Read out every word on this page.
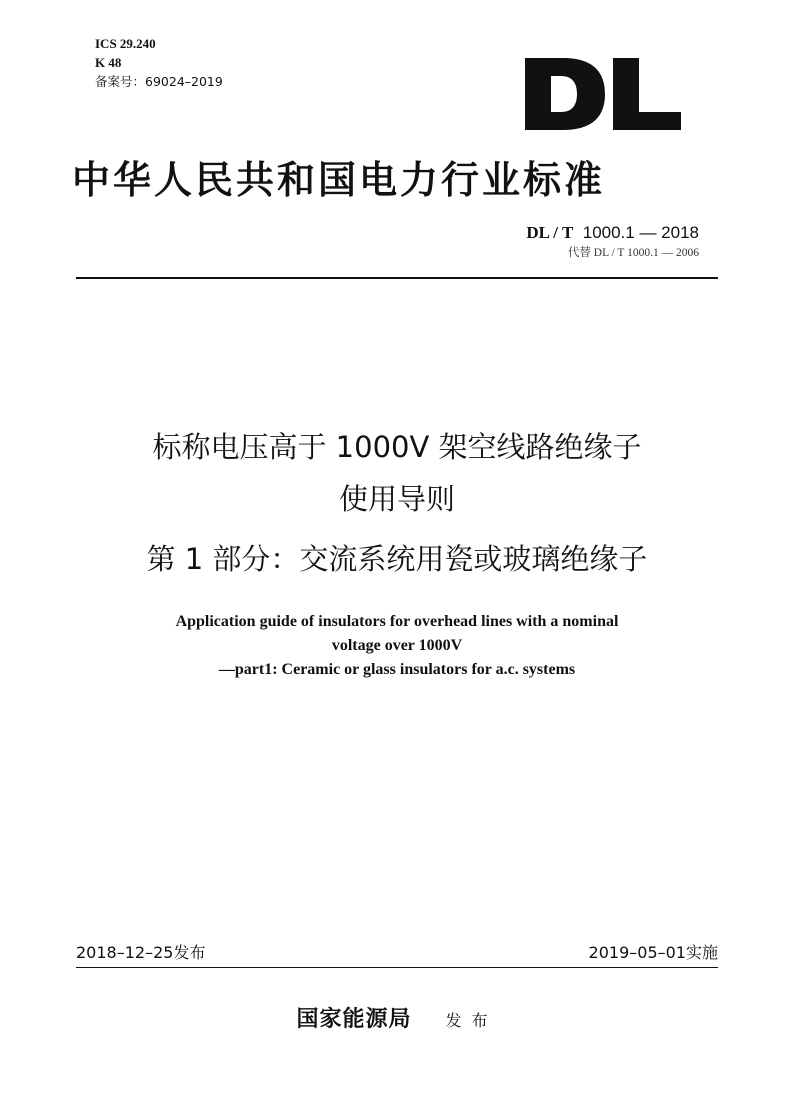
ICS 29.240
K 48
备案号：69024–2019
中华人民共和国电力行业标准
DL / T 1000.1 — 2018
代替 DL / T 1000.1 — 2006
标称电压高于 1000V 架空线路绝缘子
使用导则
第 1 部分：交流系统用瓷或玻璃绝缘子
Application guide of insulators for overhead lines with a nominal
voltage over 1000V
—part1: Ceramic or glass insulators for a.c. systems
2018–12–25发布	2019–05–01实施
国家能源局 发布
